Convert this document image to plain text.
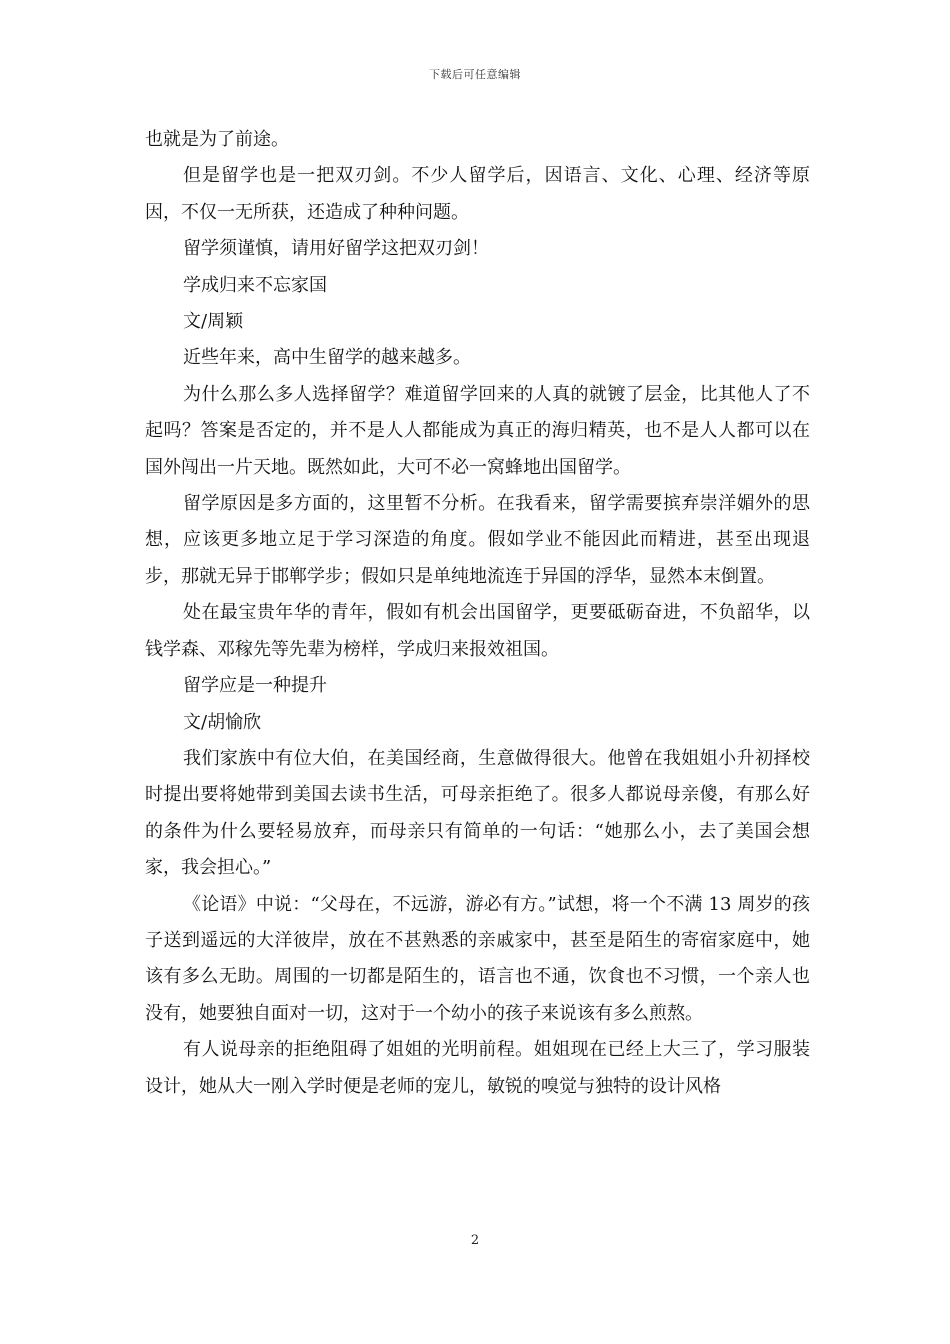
下载后可任意编辑

也就是为了前途。

但是留学也是一把双刃剑。不少人留学后，因语言、文化、心理、经济等原因，不仅一无所获，还造成了种种问题。

留学须谨慎，请用好留学这把双刃剑！

学成归来不忘家国

文/周颖

近些年来，高中生留学的越来越多。

为什么那么多人选择留学？难道留学回来的人真的就镀了层金，比其他人了不起吗？答案是否定的，并不是人人都能成为真正的海归精英，也不是人人都可以在国外闯出一片天地。既然如此，大可不必一窝蜂地出国留学。

留学原因是多方面的，这里暂不分析。在我看来，留学需要摈弃崇洋媚外的思想，应该更多地立足于学习深造的角度。假如学业不能因此而精进，甚至出现退步，那就无异于邯郸学步；假如只是单纯地流连于异国的浮华，显然本末倒置。

处在最宝贵年华的青年，假如有机会出国留学，更要砥砺奋进，不负韶华，以钱学森、邓稼先等先辈为榜样，学成归来报效祖国。

留学应是一种提升

文/胡愉欣

我们家族中有位大伯，在美国经商，生意做得很大。他曾在我姐姐小升初择校时提出要将她带到美国去读书生活，可母亲拒绝了。很多人都说母亲傻，有那么好的条件为什么要轻易放弃，而母亲只有简单的一句话：“她那么小，去了美国会想家，我会担心。”

《论语》中说：“父母在，不远游，游必有方。”试想，将一个不满 13 周岁的孩子送到遥远的大洋彼岸，放在不甚熟悉的亲戚家中，甚至是陌生的寄宿家庭中，她该有多么无助。周围的一切都是陌生的，语言也不通，饮食也不习惯，一个亲人也没有，她要独自面对一切，这对于一个幼小的孩子来说该有多么煎熬。

有人说母亲的拒绝阻碍了姐姐的光明前程。姐姐现在已经上大三了，学习服装设计，她从大一刚入学时便是老师的宠儿，敏锐的嗅觉与独特的设计风格

2
